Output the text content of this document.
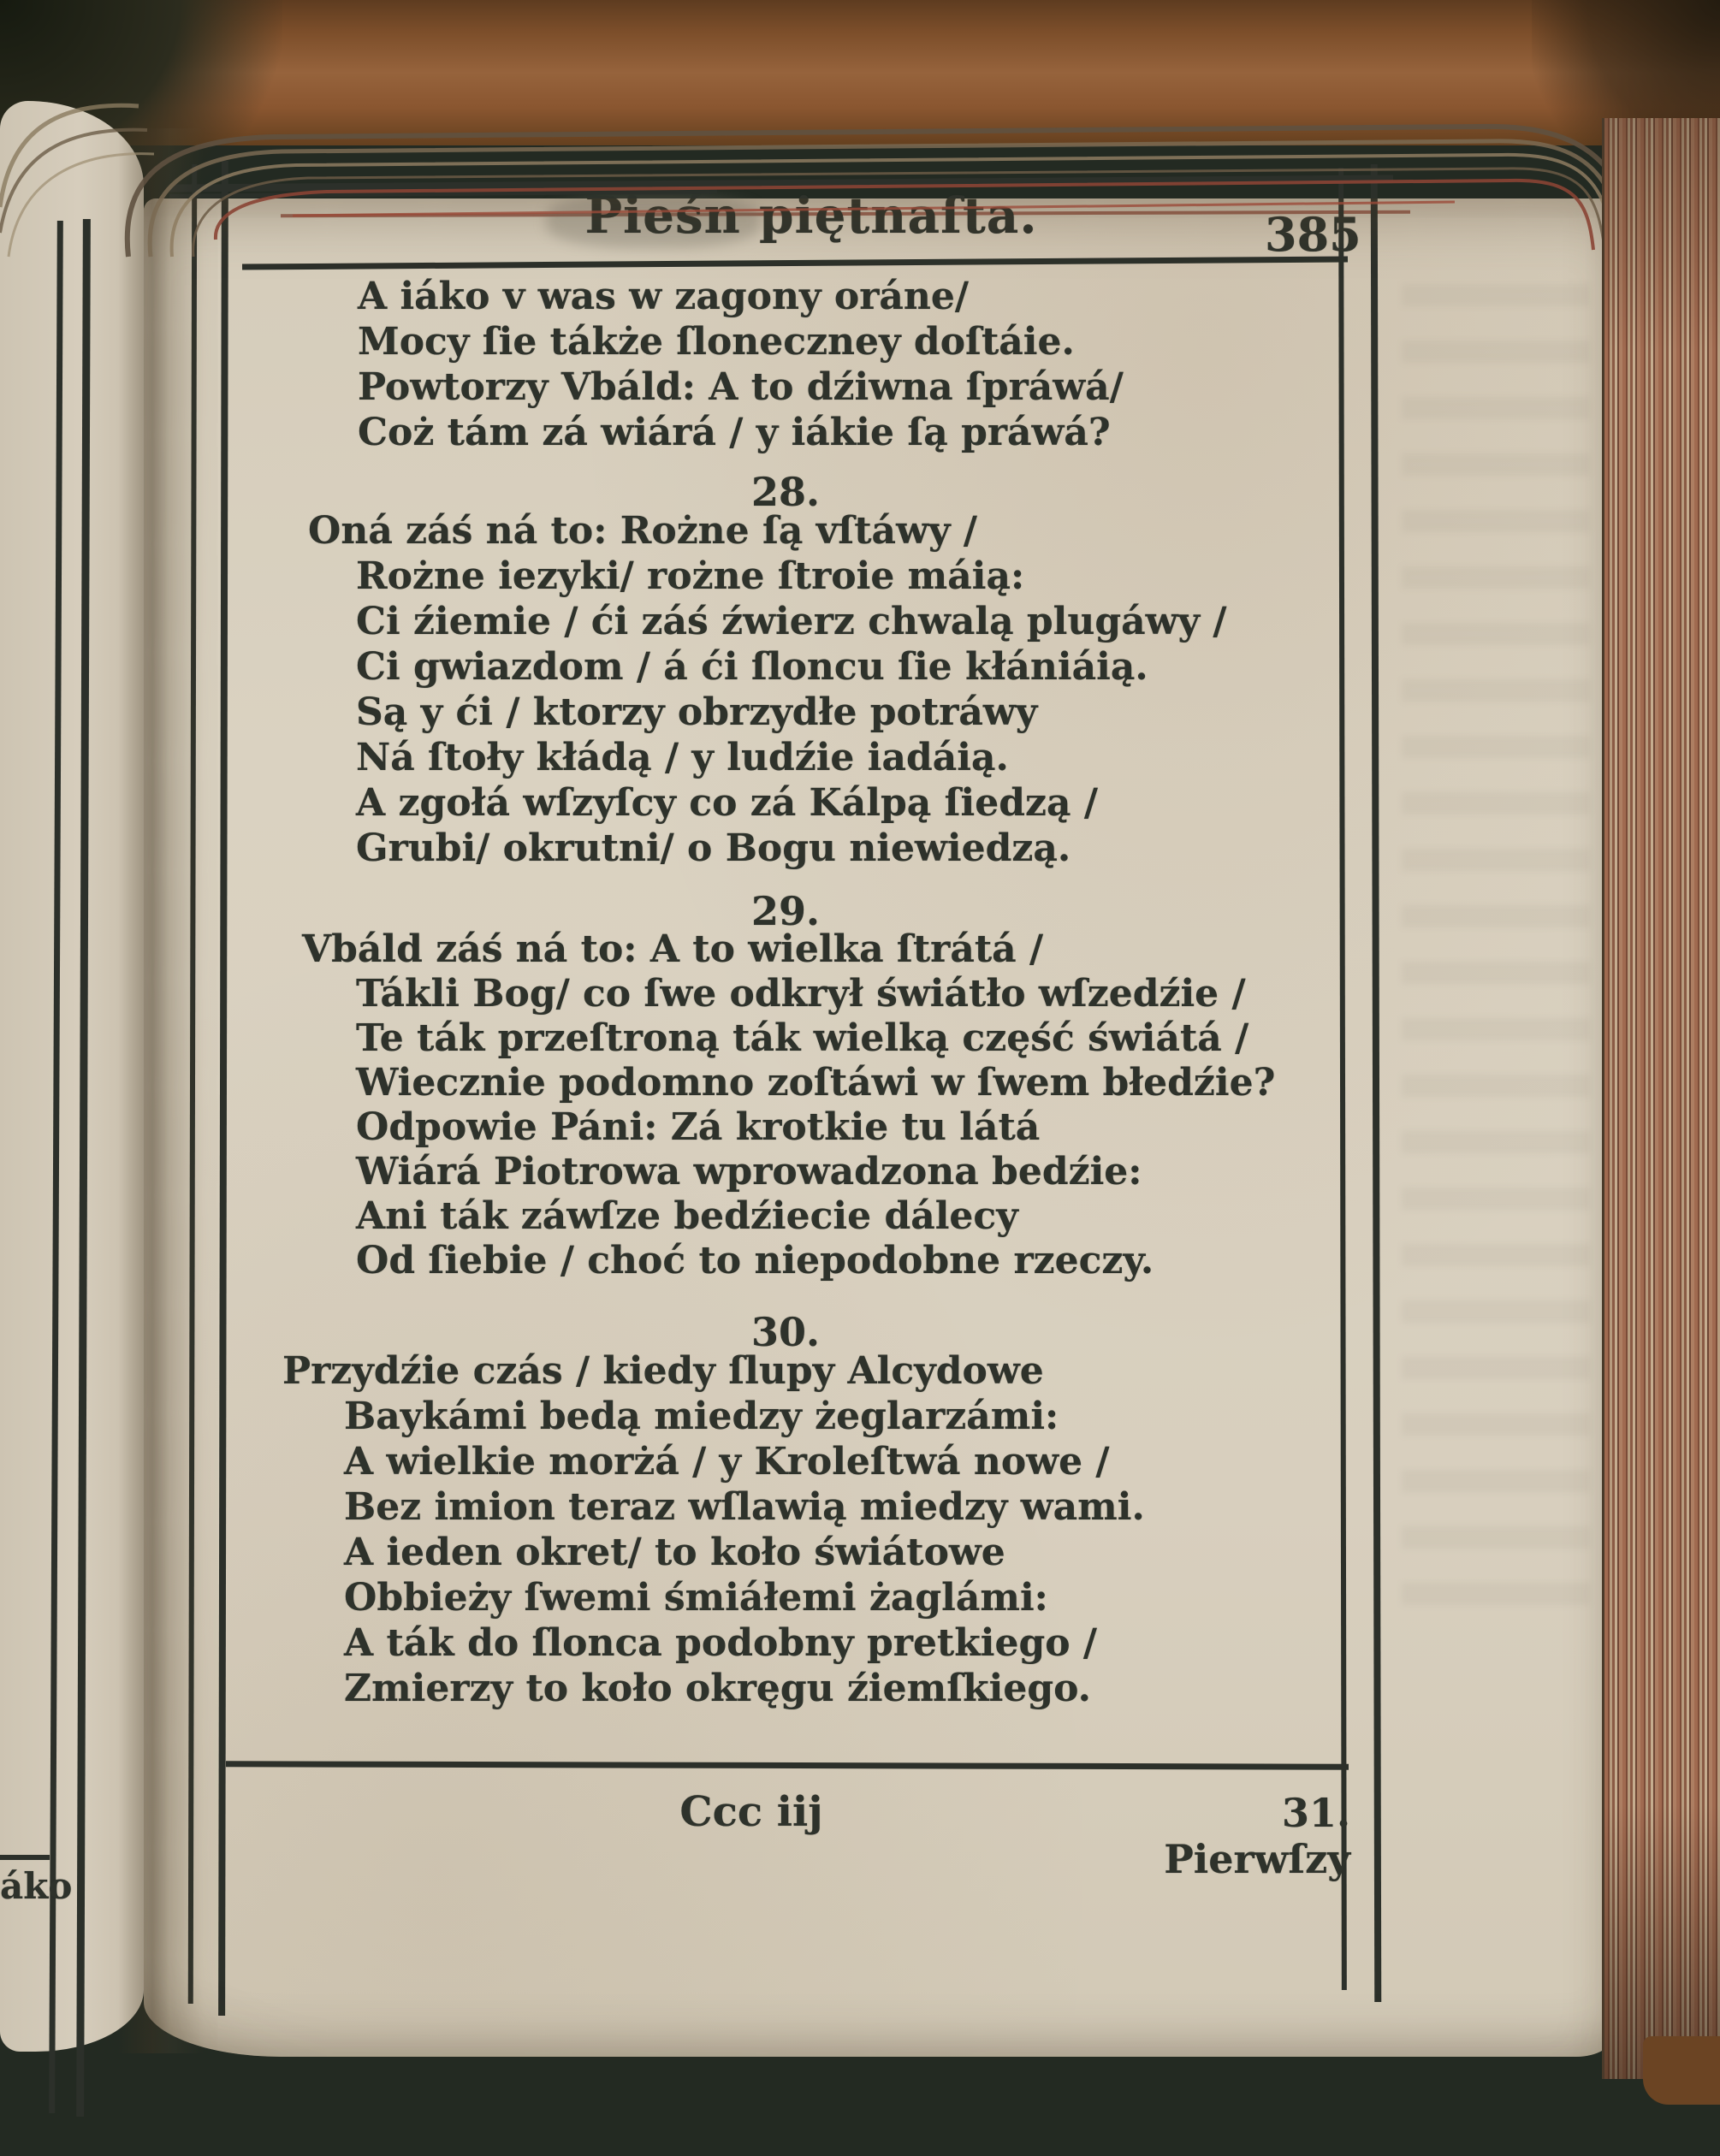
áko
Pieśn piętnaſta.	385
A iáko v was w zagony oráne/
Mocy ſie tákże ſloneczney doſtáie.
Powtorzy Vbáld: A to dźiwna ſpráwá/
Coż tám zá wiárá / y iákie ſą práwá?
28.
Oná záś ná to: Rożne ſą vſtáwy /
Rożne iezyki/ rożne ſtroie máią:
Ci źiemie / ći záś źwierz chwalą plugáwy /
Ci gwiazdom / á ći ſloncu ſie kłániáią.
Są y ći / ktorzy obrzydłe potráwy
Ná ſtoły kłádą / y ludźie iadáią.
A zgołá wſzyſcy co zá Kálpą ſiedzą /
Grubi/ okrutni/ o Bogu niewiedzą.
29.
Vbáld záś ná to: A to wielka ſtrátá /
Tákli Bog/ co ſwe odkrył świátło wſzedźie /
Te ták przeſtroną ták wielką część świátá /
Wiecznie podomno zoſtáwi w ſwem błedźie?
Odpowie Páni: Zá krotkie tu látá
Wiárá Piotrowa wprowadzona bedźie:
Ani ták záwſze bedźiecie dálecy
Od ſiebie / choć to niepodobne rzeczy.
30.
Przydźie czás / kiedy ſlupy Alcydowe
Baykámi bedą miedzy żeglarzámi:
A wielkie morżá / y Kroleſtwá nowe /
Bez imion teraz wſlawią miedzy wami.
A ieden okret/ to koło świátowe
Obbieży ſwemi śmiáłemi żaglámi:
A ták do ſlonca podobny pretkiego /
Zmierzy to koło okręgu źiemſkiego.
Ccc iij	31. Pierwſzy
